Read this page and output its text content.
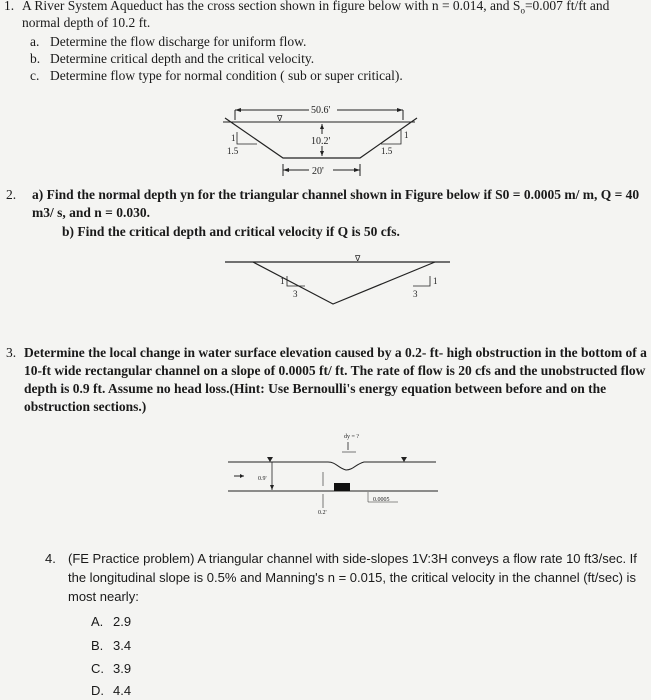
1. A River System Aqueduct has the cross section shown in figure below with n = 0.014, and $S_o=0.007$ ft/ft and
normal depth of 10.2 ft.
a. Determine the flow discharge for uniform flow.
b. Determine critical depth and the critical velocity.
c. Determine flow type for normal condition ( sub or super critical).
50.6'
∇
10.2'
1
1.5
1
1.5
20'
2. a) Find the normal depth yn for the triangular channel shown in Figure below if S0 = 0.0005 m/ m, Q = 40
m3/ s, and n = 0.030.
b) Find the critical depth and critical velocity if Q is 50 cfs.
∇
1
3
1
3
3. Determine the local change in water surface elevation caused by a 0.2- ft- high obstruction in the bottom of a
10-ft wide rectangular channel on a slope of 0.0005 ft/ ft. The rate of flow is 20 cfs and the unobstructed flow
depth is 0.9 ft. Assume no head loss.(Hint: Use Bernoulli's energy equation between before and on the
obstruction sections.)
dy = ?
0.9'
0.2'
0.0005
4. (FE Practice problem) A triangular channel with side-slopes 1V:3H conveys a flow rate 10 ft3/sec. If
the longitudinal slope is 0.5% and Manning's n = 0.015, the critical velocity in the channel (ft/sec) is
most nearly:
A. 2.9
B. 3.4
C. 3.9
D. 4.4
